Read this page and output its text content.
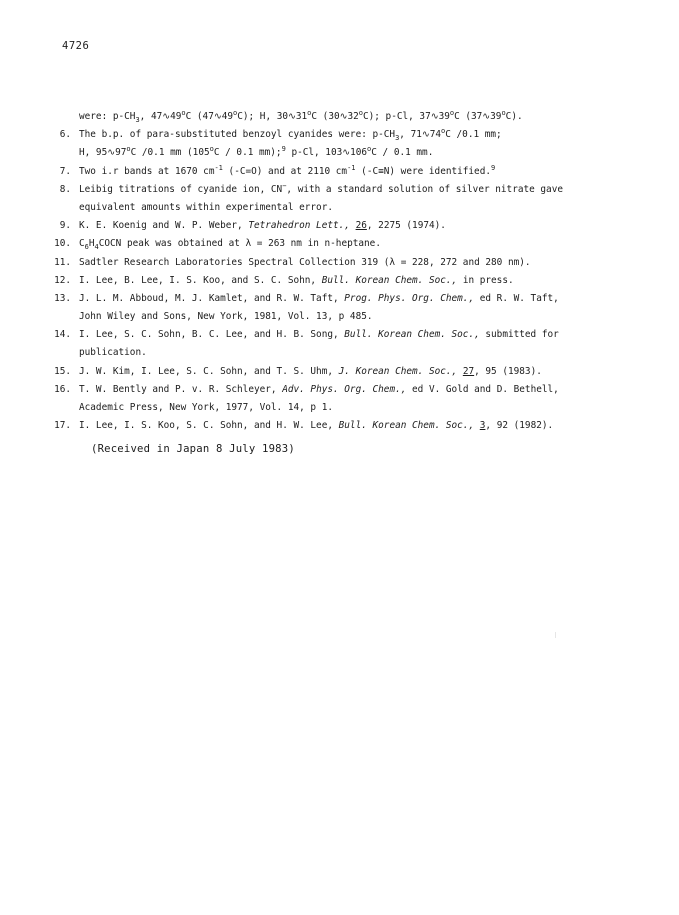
4726
were: $p-CH_3$, 47∿49$^o$C (47∿49$^o$C); H, 30∿31$^o$C (30∿32$^o$C); p-Cl, 37∿39$^o$C (37∿39$^o$C).
6. The b.p. of para-substituted benzoyl cyanides were: $p-CH_3$, 71∿74$^o$C /0.1 mm;
H, 95∿97$^o$C /0.1 mm (105$^o$C / 0.1 mm);$^9$ p-Cl, 103∿106$^o$C / 0.1 mm.
7. Two i.r bands at 1670 $cm^{-1}$ (-C=O) and at 2110 $cm^{-1}$ (-C≡N) were identified.$^9$
8. Leibig titrations of cyanide ion, CN−, with a standard solution of silver nitrate gave
equivalent amounts within experimental error.
9. K. E. Koenig and W. P. Weber, Tetrahedron Lett., 26, 2275 (1974).
10. $C_6H_4COCN$ peak was obtained at λ = 263 nm in n-heptane.
11. Sadtler Research Laboratories Spectral Collection 319 (λ = 228, 272 and 280 nm).
12. I. Lee, B. Lee, I. S. Koo, and S. C. Sohn, Bull. Korean Chem. Soc., in press.
13. J. L. M. Abboud, M. J. Kamlet, and R. W. Taft, Prog. Phys. Org. Chem., ed R. W. Taft,
John Wiley and Sons, New York, 1981, Vol. 13, p 485.
14. I. Lee, S. C. Sohn, B. C. Lee, and H. B. Song, Bull. Korean Chem. Soc., submitted for
publication.
15. J. W. Kim, I. Lee, S. C. Sohn, and T. S. Uhm, J. Korean Chem. Soc., 27, 95 (1983).
16. T. W. Bently and P. v. R. Schleyer, Adv. Phys. Org. Chem., ed V. Gold and D. Bethell,
Academic Press, New York, 1977, Vol. 14, p 1.
17. I. Lee, I. S. Koo, S. C. Sohn, and H. W. Lee, Bull. Korean Chem. Soc., 3, 92 (1982).
(Received in Japan 8 July 1983)
